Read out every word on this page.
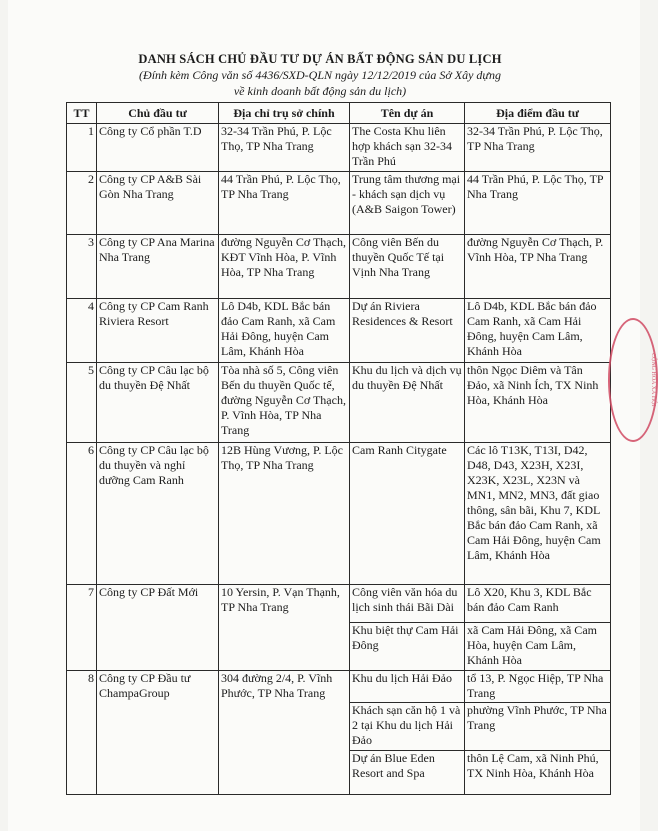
DANH SÁCH CHỦ ĐẦU TƯ DỰ ÁN BẤT ĐỘNG SẢN DU LỊCH

(Đính kèm Công văn số 4436/SXD-QLN ngày 12/12/2019 của Sở Xây dựng

về kinh doanh bất động sản du lịch)

TT	Chủ đầu tư	Địa chỉ trụ sở chính	Tên dự án	Địa điểm đầu tư
1	Công ty Cổ phần T.D	32-34 Trần Phú, P. Lộc Thọ, TP Nha Trang	The Costa Khu liên hợp khách sạn 32-34 Trần Phú	32-34 Trần Phú, P. Lộc Thọ, TP Nha Trang
2	Công ty CP A&B Sài Gòn Nha Trang	44 Trần Phú, P. Lộc Thọ, TP Nha Trang	Trung tâm thương mại - khách sạn dịch vụ (A&B Saigon Tower)	44 Trần Phú, P. Lộc Thọ, TP Nha Trang
3	Công ty CP Ana Marina Nha Trang	đường Nguyễn Cơ Thạch, KĐT Vĩnh Hòa, P. Vĩnh Hòa, TP Nha Trang	Công viên Bến du thuyền Quốc Tế tại Vịnh Nha Trang	đường Nguyễn Cơ Thạch, P. Vĩnh Hòa, TP Nha Trang
4	Công ty CP Cam Ranh Riviera Resort	Lô D4b, KDL Bắc bán đảo Cam Ranh, xã Cam Hải Đông, huyện Cam Lâm, Khánh Hòa	Dự án Riviera Residences & Resort	Lô D4b, KDL Bắc bán đảo Cam Ranh, xã Cam Hải Đông, huyện Cam Lâm, Khánh Hòa
5	Công ty CP Câu lạc bộ du thuyền Đệ Nhất	Tòa nhà số 5, Công viên Bến du thuyền Quốc tế, đường Nguyễn Cơ Thạch, P. Vĩnh Hòa, TP Nha Trang	Khu du lịch và dịch vụ du thuyền Đệ Nhất	thôn Ngọc Diêm và Tân Đảo, xã Ninh Ích, TX Ninh Hòa, Khánh Hòa
6	Công ty CP Câu lạc bộ du thuyền và nghỉ dưỡng Cam Ranh	12B Hùng Vương, P. Lộc Thọ, TP Nha Trang	Cam Ranh Citygate	Các lô T13K, T13I, D42, D48, D43, X23H, X23I, X23K, X23L, X23N và MN1, MN2, MN3, đất giao thông, sân bãi, Khu 7, KDL Bắc bán đảo Cam Ranh, xã Cam Hải Đông, huyện Cam Lâm, Khánh Hòa
7	Công ty CP Đất Mới	10 Yersin, P. Vạn Thạnh, TP Nha Trang	Công viên văn hóa du lịch sinh thái Bãi Dài	Lô X20, Khu 3, KDL Bắc bán đảo Cam Ranh
			Khu biệt thự Cam Hải Đông	xã Cam Hải Đông, xã Cam Hòa, huyện Cam Lâm, Khánh Hòa
8	Công ty CP Đầu tư ChampaGroup	304 đường 2/4, P. Vĩnh Phước, TP Nha Trang	Khu du lịch Hải Đảo	tổ 13, P. Ngọc Hiệp, TP Nha Trang
			Khách sạn căn hộ 1 và 2 tại Khu du lịch Hải Đảo	phường Vĩnh Phước, TP Nha Trang
			Dự án Blue Eden Resort and Spa	thôn Lệ Cam, xã Ninh Phú, TX Ninh Hòa, Khánh Hòa
CỘNG HÒA XÃ HỘI
